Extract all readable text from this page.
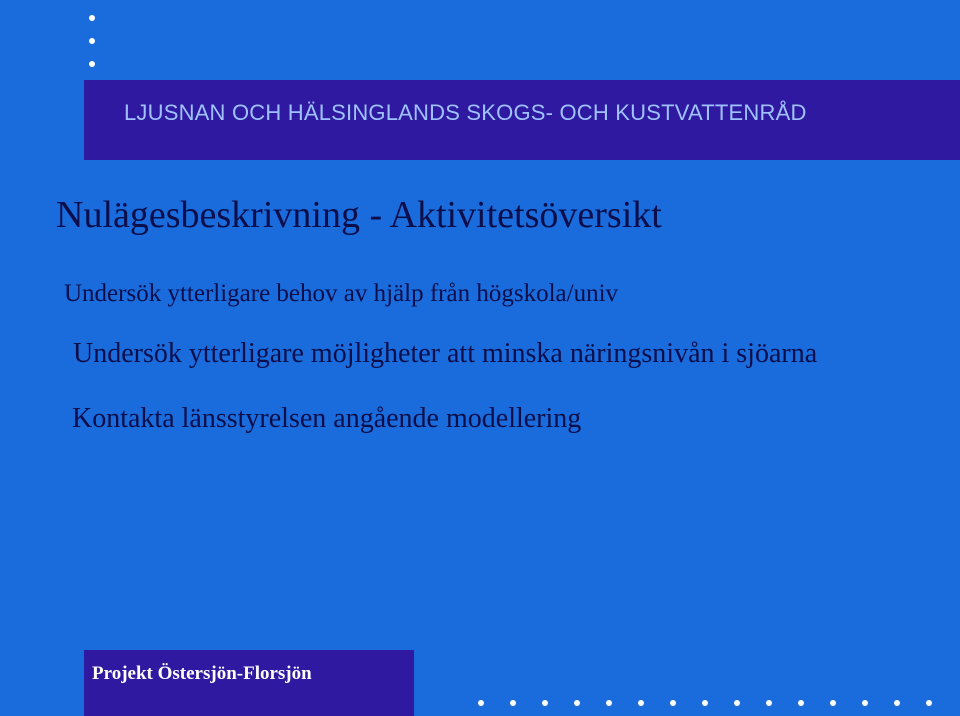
LJUSNAN OCH HÄLSINGLANDS SKOGS- OCH KUSTVATTENRÅD
Nulägesbeskrivning - Aktivitetsöversikt
Undersök ytterligare behov av hjälp från högskola/univ
Undersök ytterligare möjligheter att minska näringsnivån i sjöarna
Kontakta länsstyrelsen angående modellering
Projekt Östersjön-Florsjön
